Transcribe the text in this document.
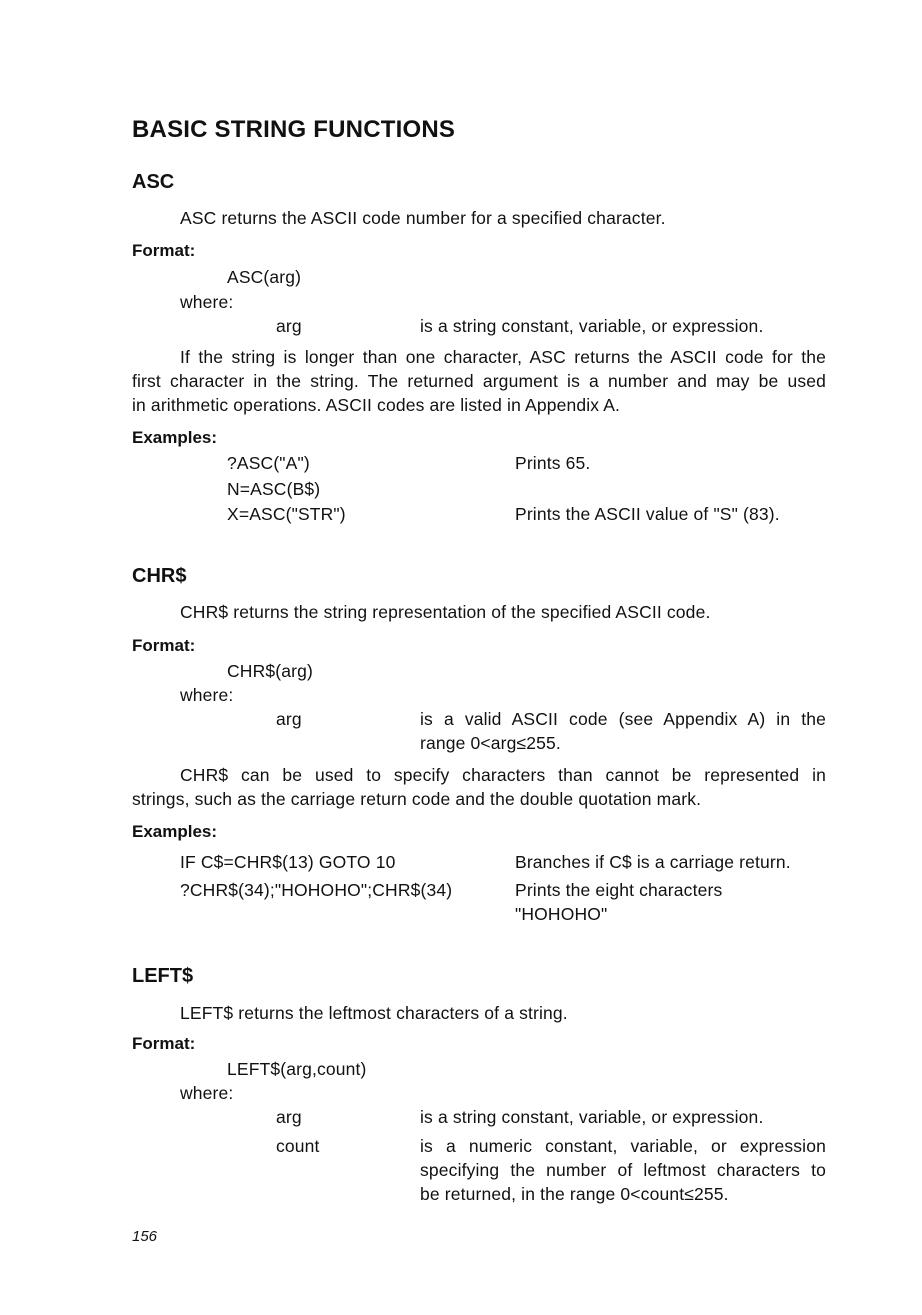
BASIC STRING FUNCTIONS
ASC
ASC returns the ASCII code number for a specified character.
Format:
ASC(arg)
where:
arg	is a string constant, variable, or expression.
If the string is longer than one character, ASC returns the ASCII code for the
first character in the string. The returned argument is a number and may be used
in arithmetic operations. ASCII codes are listed in Appendix A.
Examples:
?ASC("A")	Prints 65.
N=ASC(B$)
X=ASC("STR")	Prints the ASCII value of "S" (83).
CHR$
CHR$ returns the string representation of the specified ASCII code.
Format:
CHR$(arg)
where:
arg	is a valid ASCII code (see Appendix A) in the
range 0<arg≤255.
CHR$ can be used to specify characters than cannot be represented in
strings, such as the carriage return code and the double quotation mark.
Examples:
IF C$=CHR$(13) GOTO 10	Branches if C$ is a carriage return.
?CHR$(34);"HOHOHO";CHR$(34)	Prints the eight characters
"HOHOHO"
LEFT$
LEFT$ returns the leftmost characters of a string.
Format:
LEFT$(arg,count)
where:
arg	is a string constant, variable, or expression.
count	is a numeric constant, variable, or expression
specifying the number of leftmost characters to
be returned, in the range 0<count≤255.
156
